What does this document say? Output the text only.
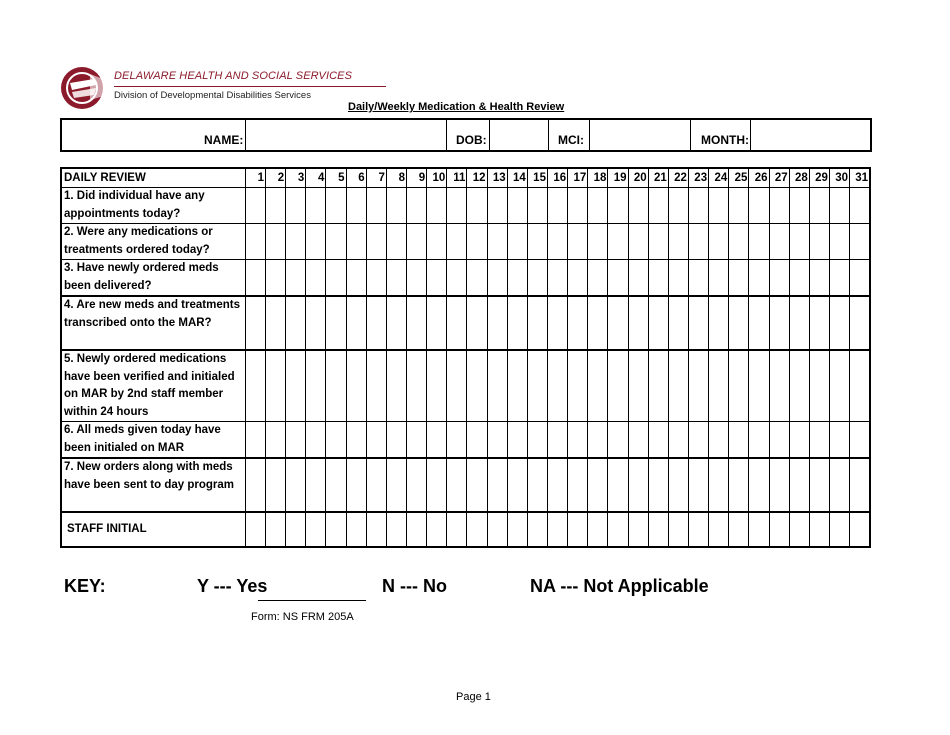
DELAWARE HEALTH AND SOCIAL SERVICES
Division of Developmental Disabilities Services
Daily/Weekly Medication & Health Review
NAME:	DOB:	MCI:	MONTH:
DAILY REVIEW	1	2	3	4	5	6	7	8	9	10	11	12	13	14	15	16	17	18	19	20	21	22	23	24	25	26	27	28	29	30	31
1. Did individual have any appointments today?																															
2. Were any medications or treatments ordered today?																															
3. Have newly ordered meds been delivered?																															
4. Are new meds and treatments transcribed onto the MAR?																															
5. Newly ordered medications have been verified and initialed on MAR by 2nd staff member within 24 hours																															
6. All meds given today have been initialed on MAR																															
7. New orders along with meds have been sent to day program																															
STAFF INITIAL																															
KEY:	Y --- Yes	N --- No	NA --- Not Applicable
Form: NS FRM 205A
Page 1
